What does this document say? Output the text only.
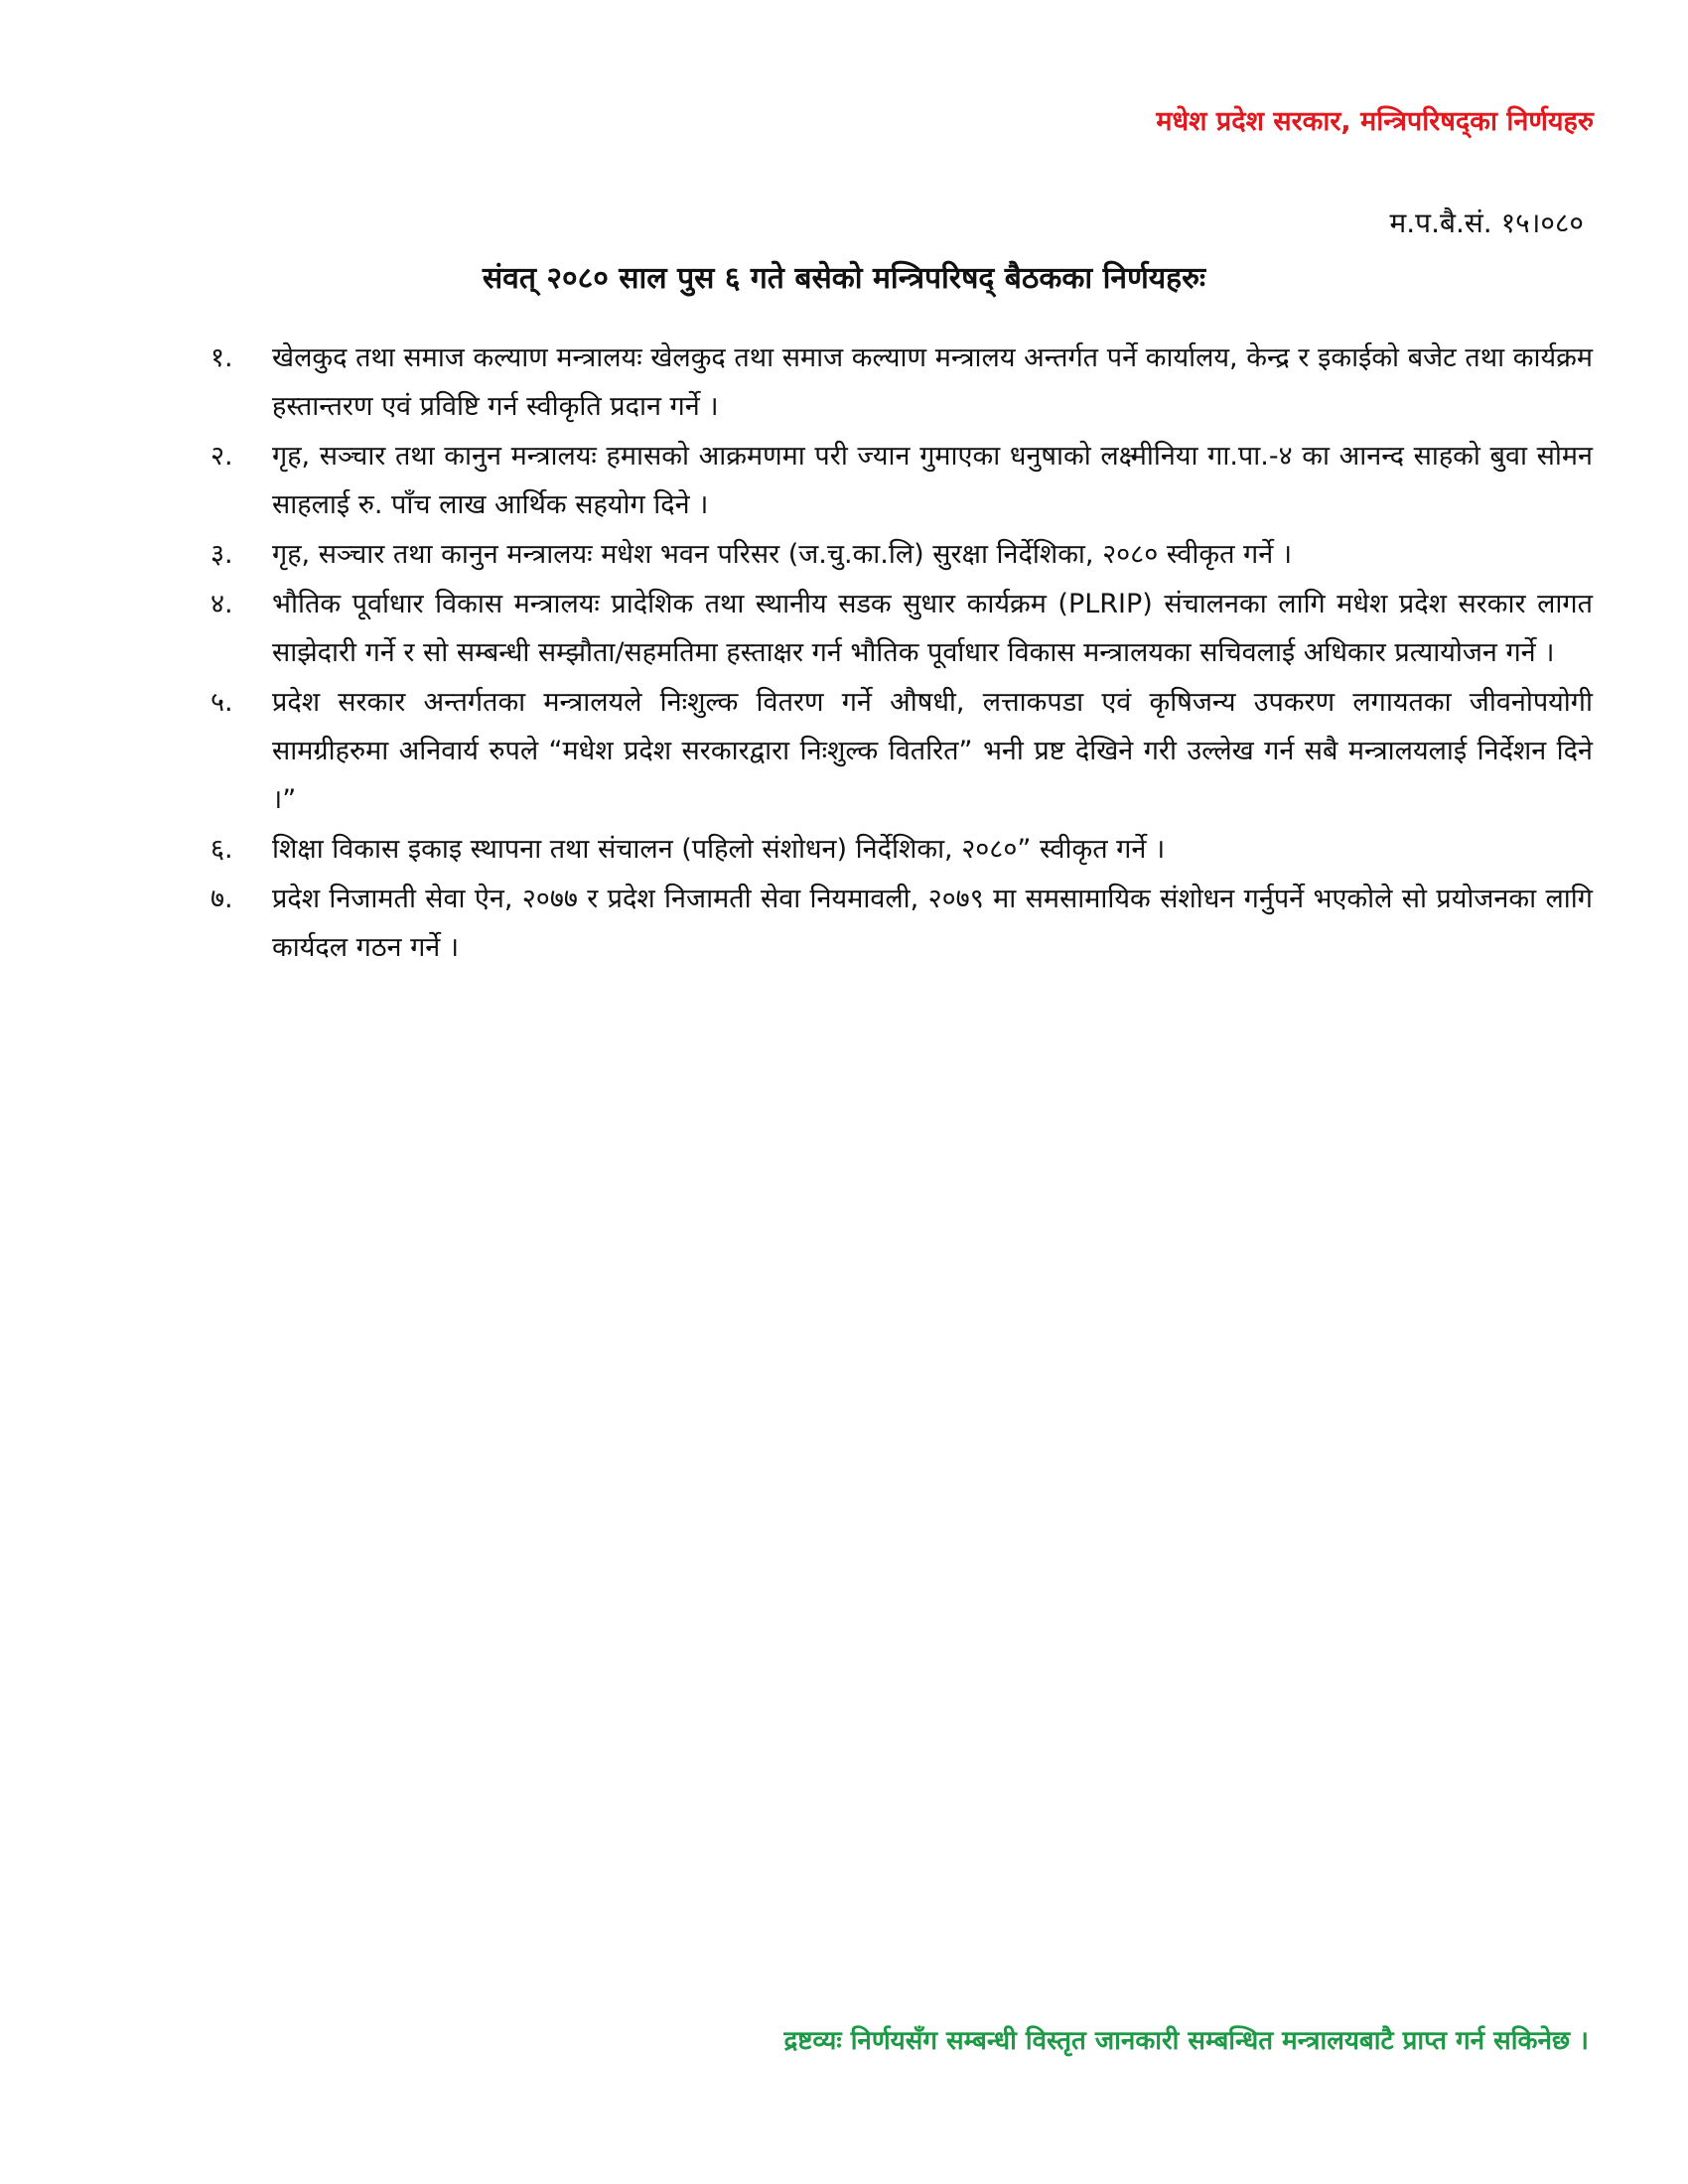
मधेश प्रदेश सरकार, मन्त्रिपरिषद्का निर्णयहरु
म.प.बै.सं. १५।०८०
संवत् २०८० साल पुस ६ गते बसेको मन्त्रिपरिषद् बैठकका निर्णयहरुः
१. खेलकुद तथा समाज कल्याण मन्त्रालयः खेलकुद तथा समाज कल्याण मन्त्रालय अन्तर्गत पर्ने कार्यालय, केन्द्र र इकाईको बजेट तथा कार्यक्रम हस्तान्तरण एवं प्रविष्टि गर्न स्वीकृति प्रदान गर्ने ।
२. गृह, सञ्चार तथा कानुन मन्त्रालयः हमासको आक्रमणमा परी ज्यान गुमाएका धनुषाको लक्ष्मीनिया गा.पा.-४ का आनन्द साहको बुवा सोमन साहलाई रु. पाँच लाख आर्थिक सहयोग दिने ।
३. गृह, सञ्चार तथा कानुन मन्त्रालयः मधेश भवन परिसर (ज.चु.का.लि) सुरक्षा निर्देशिका, २०८० स्वीकृत गर्ने ।
४. भौतिक पूर्वाधार विकास मन्त्रालयः प्रादेशिक तथा स्थानीय सडक सुधार कार्यक्रम (PLRIP) संचालनका लागि मधेश प्रदेश सरकार लागत साझेदारी गर्ने र सो सम्बन्धी सम्झौता/सहमतिमा हस्ताक्षर गर्न भौतिक पूर्वाधार विकास मन्त्रालयका सचिवलाई अधिकार प्रत्यायोजन गर्ने ।
५. प्रदेश सरकार अन्तर्गतका मन्त्रालयले निःशुल्क वितरण गर्ने औषधी, लत्ताकपडा एवं कृषिजन्य उपकरण लगायतका जीवनोपयोगी सामग्रीहरुमा अनिवार्य रुपले “मधेश प्रदेश सरकारद्वारा निःशुल्क वितरित” भनी प्रष्ट देखिने गरी उल्लेख गर्न सबै मन्त्रालयलाई निर्देशन दिने ।”
६. शिक्षा विकास इकाइ स्थापना तथा संचालन (पहिलो संशोधन) निर्देशिका, २०८०” स्वीकृत गर्ने ।
७. प्रदेश निजामती सेवा ऐन, २०७७ र प्रदेश निजामती सेवा नियमावली, २०७९ मा समसामायिक संशोधन गर्नुपर्ने भएकोले सो प्रयोजनका लागि कार्यदल गठन गर्ने ।
द्रष्टव्यः निर्णयसँग सम्बन्धी विस्तृत जानकारी सम्बन्धित मन्त्रालयबाटै प्राप्त गर्न सकिनेछ ।
